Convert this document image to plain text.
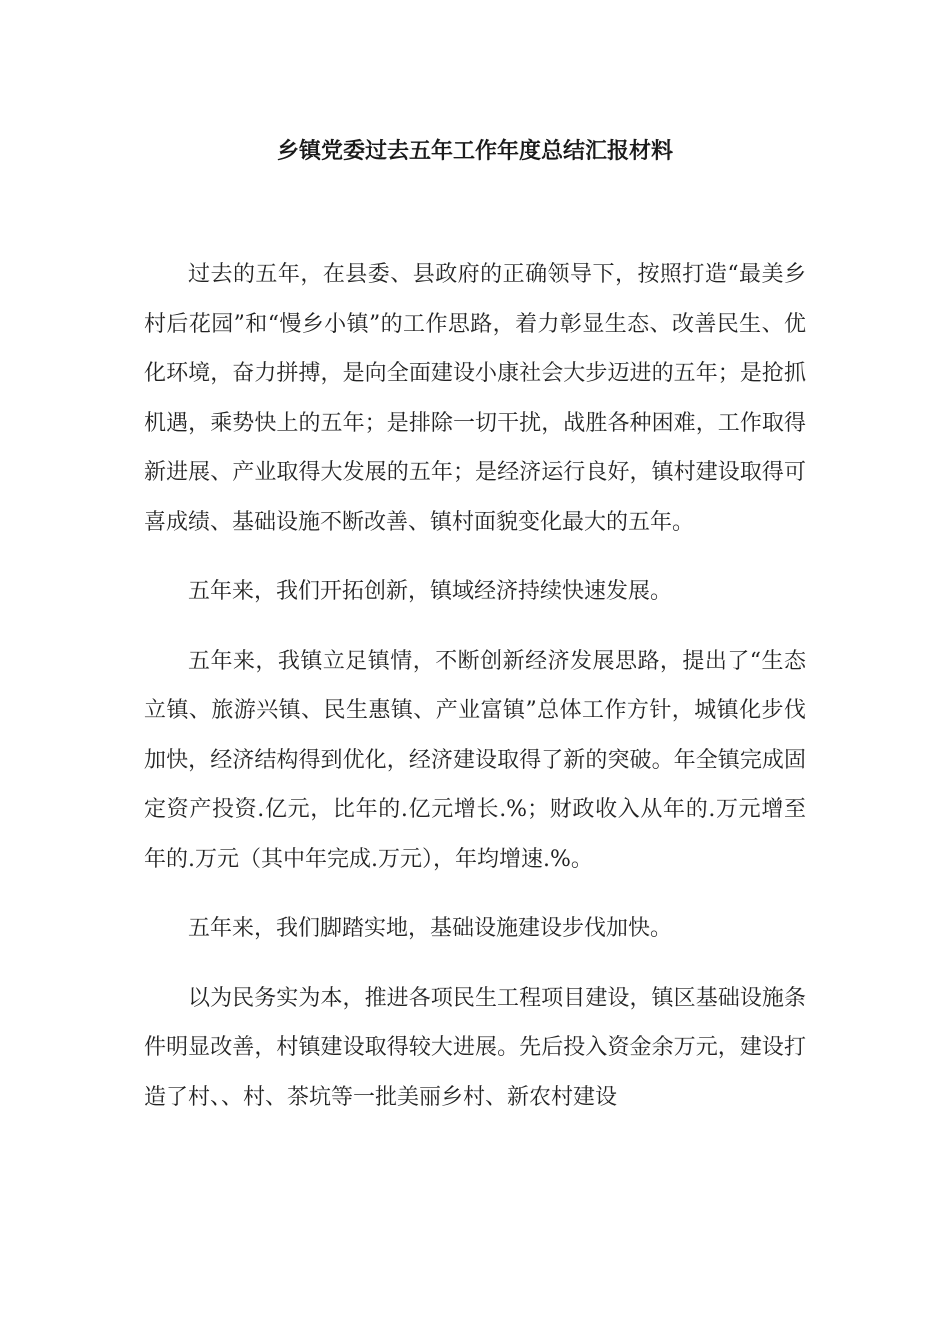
乡镇党委过去五年工作年度总结汇报材料

过去的五年，在县委、县政府的正确领导下，按照打造“最美乡村后花园”和“慢乡小镇”的工作思路，着力彰显生态、改善民生、优化环境，奋力拼搏，是向全面建设小康社会大步迈进的五年；是抢抓机遇，乘势快上的五年；是排除一切干扰，战胜各种困难，工作取得新进展、产业取得大发展的五年；是经济运行良好，镇村建设取得可喜成绩、基础设施不断改善、镇村面貌变化最大的五年。

五年来，我们开拓创新，镇域经济持续快速发展。

五年来，我镇立足镇情，不断创新经济发展思路，提出了“生态立镇、旅游兴镇、民生惠镇、产业富镇”总体工作方针，城镇化步伐加快，经济结构得到优化，经济建设取得了新的突破。年全镇完成固定资产投资.亿元，比年的.亿元增长.%；财政收入从年的.万元增至年的.万元（其中年完成.万元），年均增速.%。

五年来，我们脚踏实地，基础设施建设步伐加快。

以为民务实为本，推进各项民生工程项目建设，镇区基础设施条件明显改善，村镇建设取得较大进展。先后投入资金余万元，建设打造了村、、村、茶坑等一批美丽乡村、新农村建设
